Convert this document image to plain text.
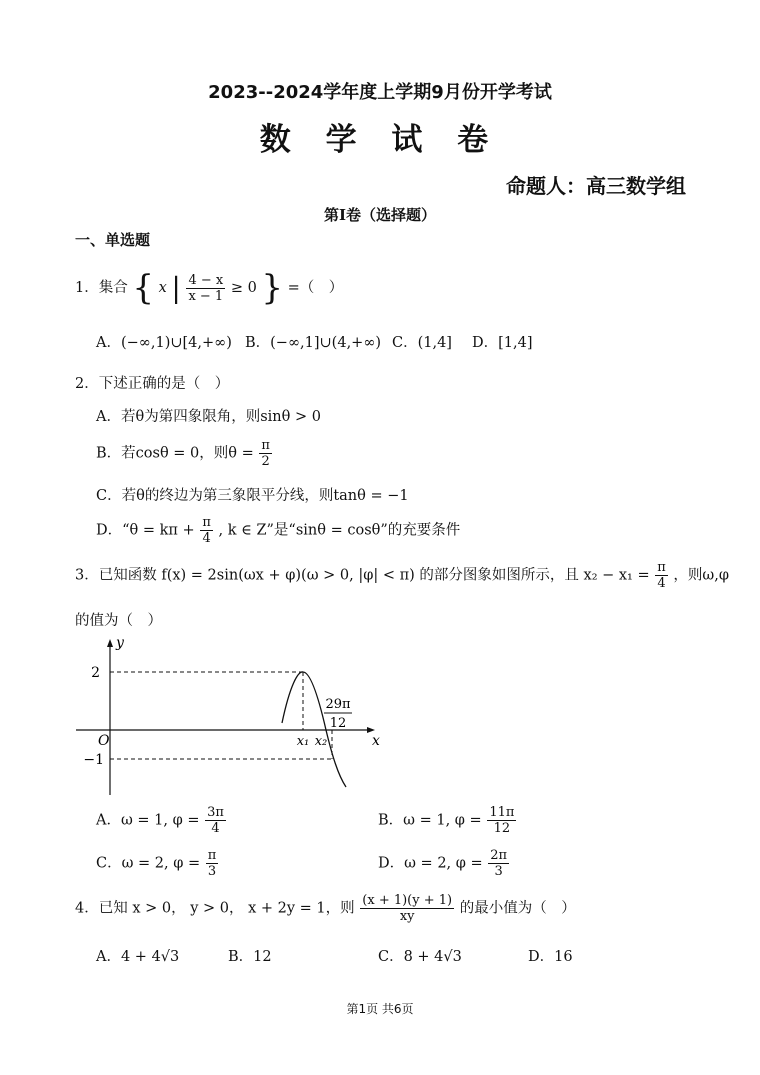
2023--2024学年度上学期9月份开学考试
数 学 试 卷
命题人：高三数学组
第Ⅰ卷（选择题）
一、单选题
1．集合 { x | $\frac{4 - x}{x - 1} \ge 0$ } =（　）
A．(−∞,1)∪[4,+∞) B．(−∞,1]∪(4,+∞) C．(1,4] D．[1,4]
2．下述正确的是（　）
A．若θ为第四象限角，则sinθ > 0
B．若cosθ = 0，则$\theta = \frac{\pi}{2}$
C．若θ的终边为第三象限平分线，则tanθ = −1
D．“$\theta = k\pi + \frac{\pi}{4}$ , k ∈ Z”是“sinθ = cosθ”的充要条件
3．已知函数 f(x) = 2sin(ωx + φ)(ω > 0, |φ| < π) 的部分图象如图所示，且 $x_2 - x_1 = \frac{\pi}{4}$ ，则ω,φ
的值为（　）
y
x
O
2
−1
x₁ x₂
29π
12
A．ω = 1, $\varphi = \frac{3\pi}{4}$	B．ω = 1, $\varphi = \frac{11\pi}{12}$
C．ω = 2, $\varphi = \frac{\pi}{3}$	D．ω = 2, $\varphi = \frac{2\pi}{3}$
4．已知 x > 0， y > 0， x + 2y = 1，则 $\frac{(x + 1)(y + 1)}{xy}$ 的最小值为（　）
A．4 + 4√3	B．12	C．8 + 4√3	D．16
第1页 共6页
